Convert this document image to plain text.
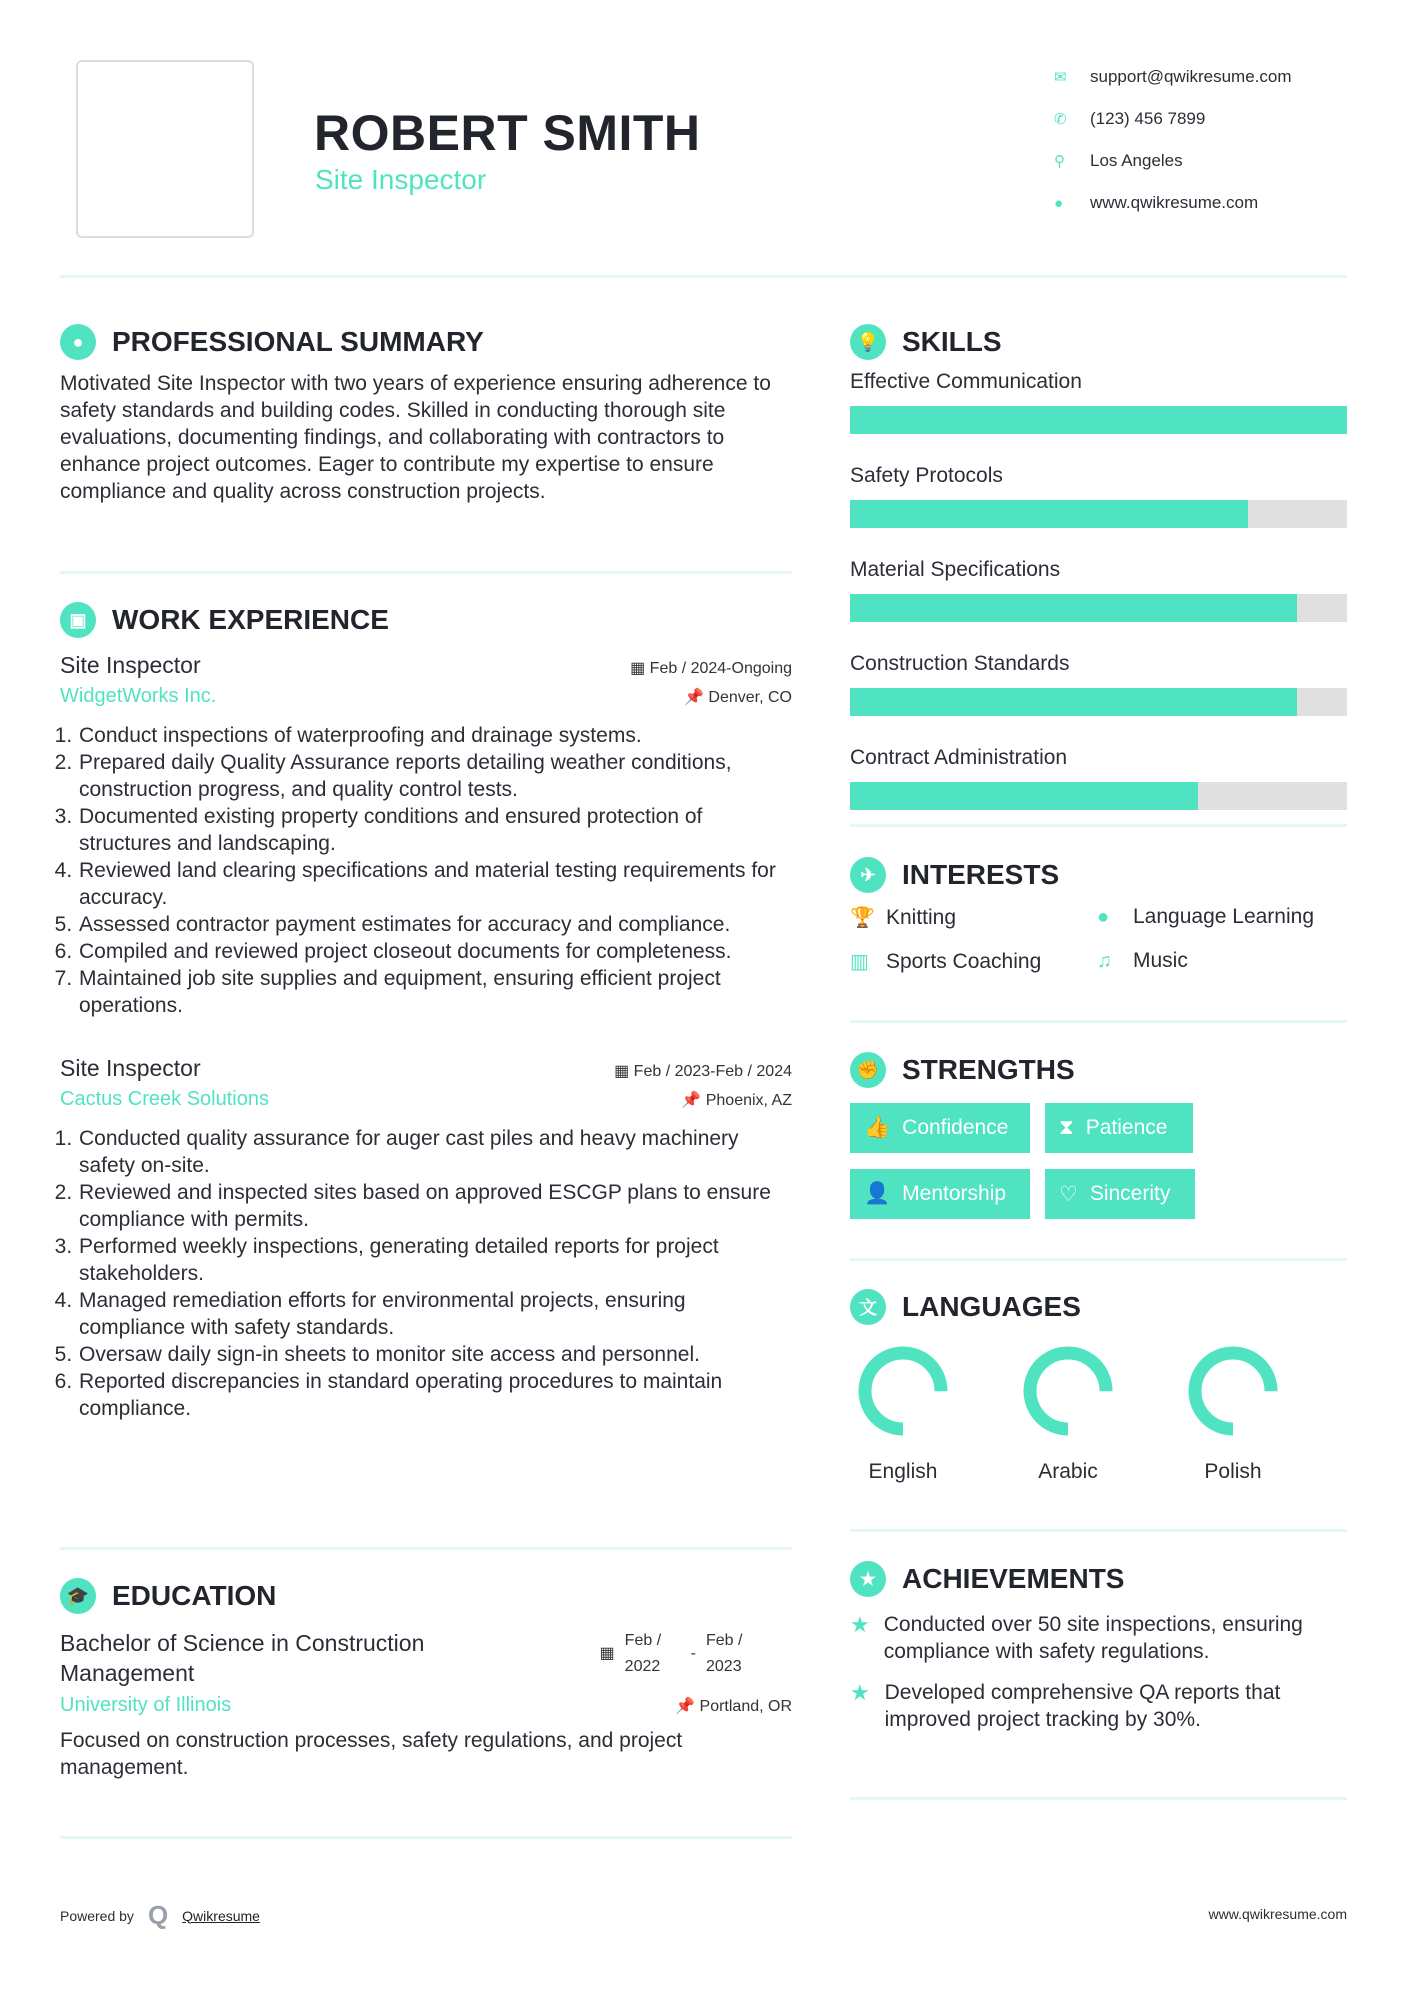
ROBERT SMITH
Site Inspector
✉	support@qwikresume.com
✆	(123) 456 7899
⚲	Los Angeles
●	www.qwikresume.com
●	PROFESSIONAL SUMMARY
Motivated Site Inspector with two years of experience ensuring adherence to safety standards and building codes. Skilled in conducting thorough site evaluations, documenting findings, and collaborating with contractors to enhance project outcomes. Eager to contribute my expertise to ensure compliance and quality across construction projects.
▣ WORK EXPERIENCE
Site Inspector	▦ Feb / 2024-Ongoing
WidgetWorks Inc.	📌 Denver, CO
1. Conduct inspections of waterproofing and drainage systems.
2. Prepared daily Quality Assurance reports detailing weather conditions, construction progress, and quality control tests.
3. Documented existing property conditions and ensured protection of structures and landscaping.
4. Reviewed land clearing specifications and material testing requirements for accuracy.
5. Assessed contractor payment estimates for accuracy and compliance.
6. Compiled and reviewed project closeout documents for completeness.
7. Maintained job site supplies and equipment, ensuring efficient project operations.
Site Inspector	▦ Feb / 2023-Feb / 2024
Cactus Creek Solutions	📌 Phoenix, AZ
1. Conducted quality assurance for auger cast piles and heavy machinery safety on-site.
2. Reviewed and inspected sites based on approved ESCGP plans to ensure compliance with permits.
3. Performed weekly inspections, generating detailed reports for project stakeholders.
4. Managed remediation efforts for environmental projects, ensuring compliance with safety standards.
5. Oversaw daily sign-in sheets to monitor site access and personnel.
6. Reported discrepancies in standard operating procedures to maintain compliance.
🎓 EDUCATION
Bachelor of Science in Construction Management
▦
Feb / 2022
-
Feb / 2023
University of Illinois	📌 Portland, OR
Focused on construction processes, safety regulations, and project management.
💡 SKILLS
Effective Communication
Safety Protocols
Material Specifications
Construction Standards
Contract Administration
✈ INTERESTS
🏆 Knitting	●	Language Learning
▥ Sports Coaching	♫	Music
✊ STRENGTHS
👍 Confidence ⧗ Patience
👤 Mentorship	♡ Sincerity
文 LANGUAGES
English	Arabic	Polish
★ ACHIEVEMENTS
★ Conducted over 50 site inspections, ensuring compliance with safety regulations.
★ Developed comprehensive QA reports that improved project tracking by 30%.
Powered by Q Qwikresume	www.qwikresume.com
